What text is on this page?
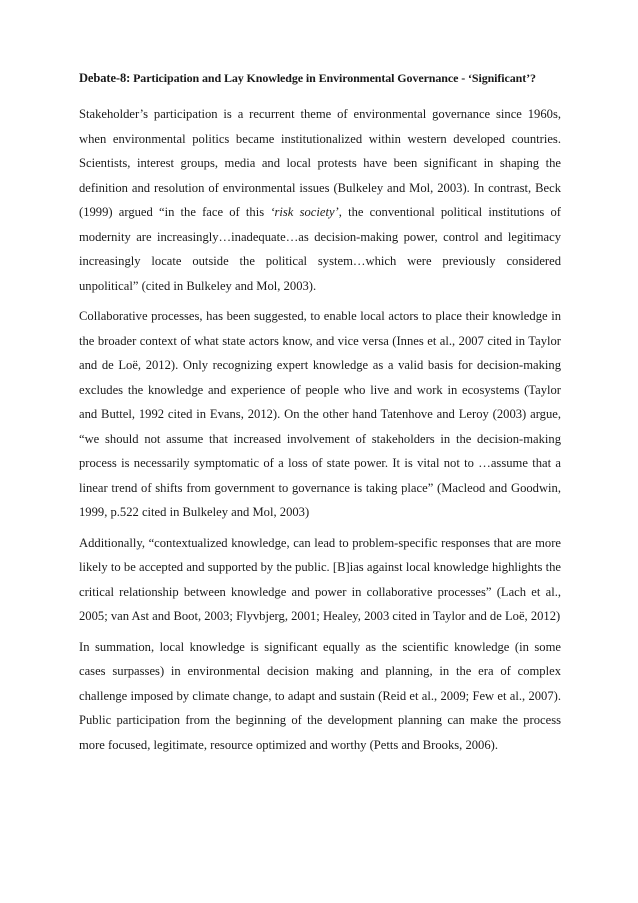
Debate-8: Participation and Lay Knowledge in Environmental Governance - ‘Significant’?

Stakeholder’s participation is a recurrent theme of environmental governance since 1960s, when environmental politics became institutionalized within western developed countries. Scientists, interest groups, media and local protests have been significant in shaping the definition and resolution of environmental issues (Bulkeley and Mol, 2003). In contrast, Beck (1999) argued “in the face of this ‘risk society’, the conventional political institutions of modernity are increasingly…inadequate…as decision-making power, control and legitimacy increasingly locate outside the political system…which were previously considered unpolitical” (cited in Bulkeley and Mol, 2003).

Collaborative processes, has been suggested, to enable local actors to place their knowledge in the broader context of what state actors know, and vice versa (Innes et al., 2007 cited in Taylor and de Loë, 2012). Only recognizing expert knowledge as a valid basis for decision-making excludes the knowledge and experience of people who live and work in ecosystems (Taylor and Buttel, 1992 cited in Evans, 2012). On the other hand Tatenhove and Leroy (2003) argue, “we should not assume that increased involvement of stakeholders in the decision-making process is necessarily symptomatic of a loss of state power. It is vital not to …assume that a linear trend of shifts from government to governance is taking place” (Macleod and Goodwin, 1999, p.522 cited in Bulkeley and Mol, 2003)

Additionally, “contextualized knowledge, can lead to problem-specific responses that are more likely to be accepted and supported by the public. [B]ias against local knowledge highlights the critical relationship between knowledge and power in collaborative processes” (Lach et al., 2005; van Ast and Boot, 2003; Flyvbjerg, 2001; Healey, 2003 cited in Taylor and de Loë, 2012)

In summation, local knowledge is significant equally as the scientific knowledge (in some cases surpasses) in environmental decision making and planning, in the era of complex challenge imposed by climate change, to adapt and sustain (Reid et al., 2009; Few et al., 2007). Public participation from the beginning of the development planning can make the process more focused, legitimate, resource optimized and worthy (Petts and Brooks, 2006).
